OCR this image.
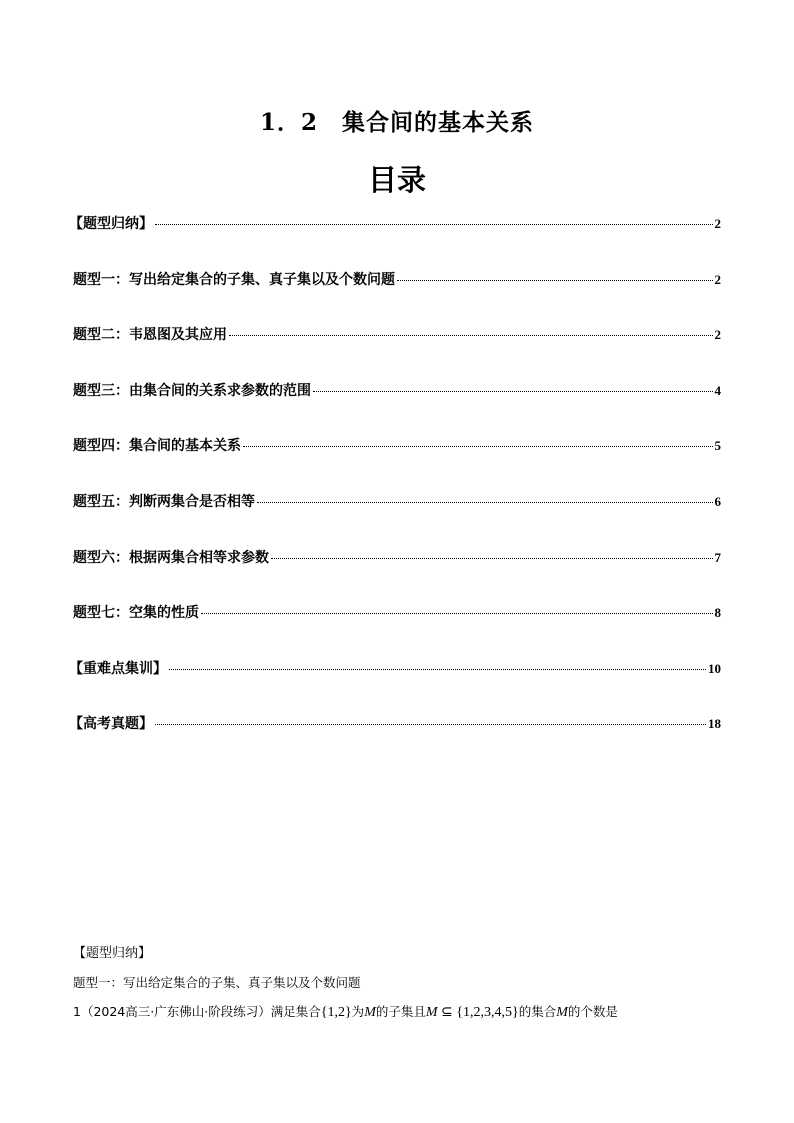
1．2　集合间的基本关系
目录
【题型归纳】	2
题型一：写出给定集合的子集、真子集以及个数问题	2
题型二：韦恩图及其应用	2
题型三：由集合间的关系求参数的范围	4
题型四：集合间的基本关系	5
题型五：判断两集合是否相等	6
题型六：根据两集合相等求参数	7
题型七：空集的性质	8
【重难点集训】	10
【高考真题】	18
【题型归纳】
题型一：写出给定集合的子集、真子集以及个数问题
1（2024高三·广东佛山·阶段练习）满足集合{1,2}为M的子集且M ⊆ {1,2,3,4,5}的集合M的个数是
